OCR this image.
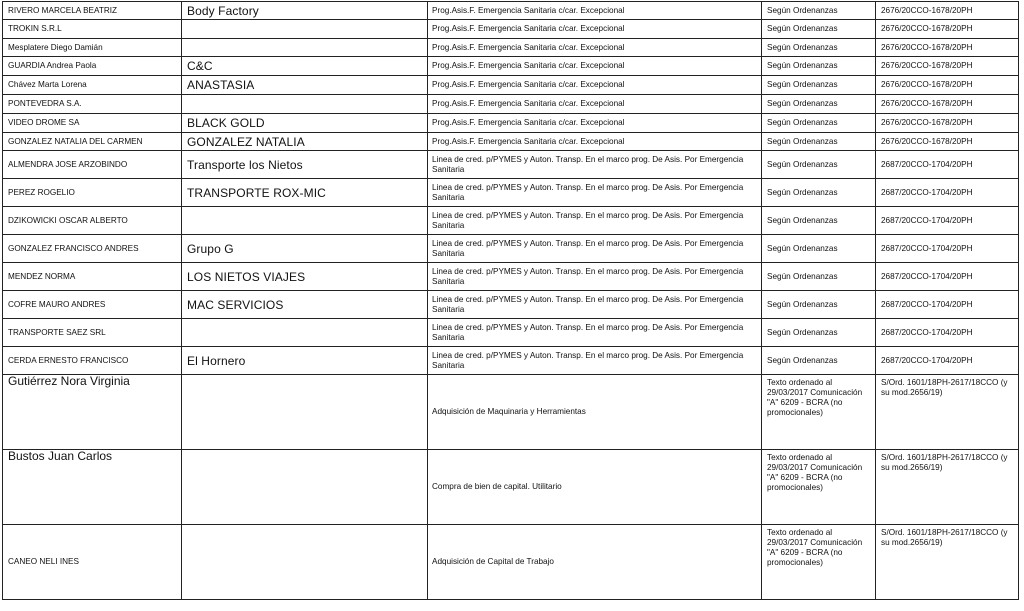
RIVERO MARCELA BEATRIZ	Body Factory	Prog.Asis.F. Emergencia Sanitaria c/car. Excepcional	Según Ordenanzas	2676/20CCO-1678/20PH
TROKIN S.R.L		Prog.Asis.F. Emergencia Sanitaria c/car. Excepcional	Según Ordenanzas	2676/20CCO-1678/20PH
Mesplatere Diego Damián		Prog.Asis.F. Emergencia Sanitaria c/car. Excepcional	Según Ordenanzas	2676/20CCO-1678/20PH
GUARDIA Andrea Paola	C&C	Prog.Asis.F. Emergencia Sanitaria c/car. Excepcional	Según Ordenanzas	2676/20CCO-1678/20PH
Chávez Marta Lorena	ANASTASIA	Prog.Asis.F. Emergencia Sanitaria c/car. Excepcional	Según Ordenanzas	2676/20CCO-1678/20PH
PONTEVEDRA S.A.		Prog.Asis.F. Emergencia Sanitaria c/car. Excepcional	Según Ordenanzas	2676/20CCO-1678/20PH
VIDEO DROME SA	BLACK GOLD	Prog.Asis.F. Emergencia Sanitaria c/car. Excepcional	Según Ordenanzas	2676/20CCO-1678/20PH
GONZALEZ NATALIA DEL CARMEN	GONZALEZ NATALIA	Prog.Asis.F. Emergencia Sanitaria c/car. Excepcional	Según Ordenanzas	2676/20CCO-1678/20PH
ALMENDRA JOSE ARZOBINDO	Transporte los Nietos	Linea de cred. p/PYMES y Auton. Transp. En el marco prog. De Asis. Por Emergencia Sanitaria	Según Ordenanzas	2687/20CCO-1704/20PH
PEREZ ROGELIO	TRANSPORTE ROX-MIC	Linea de cred. p/PYMES y Auton. Transp. En el marco prog. De Asis. Por Emergencia Sanitaria	Según Ordenanzas	2687/20CCO-1704/20PH
DZIKOWICKI OSCAR ALBERTO		Linea de cred. p/PYMES y Auton. Transp. En el marco prog. De Asis. Por Emergencia Sanitaria	Según Ordenanzas	2687/20CCO-1704/20PH
GONZALEZ FRANCISCO ANDRES	Grupo G	Linea de cred. p/PYMES y Auton. Transp. En el marco prog. De Asis. Por Emergencia Sanitaria	Según Ordenanzas	2687/20CCO-1704/20PH
MENDEZ NORMA	LOS NIETOS VIAJES	Linea de cred. p/PYMES y Auton. Transp. En el marco prog. De Asis. Por Emergencia Sanitaria	Según Ordenanzas	2687/20CCO-1704/20PH
COFRE MAURO ANDRES	MAC SERVICIOS	Linea de cred. p/PYMES y Auton. Transp. En el marco prog. De Asis. Por Emergencia Sanitaria	Según Ordenanzas	2687/20CCO-1704/20PH
TRANSPORTE SAEZ SRL		Linea de cred. p/PYMES y Auton. Transp. En el marco prog. De Asis. Por Emergencia Sanitaria	Según Ordenanzas	2687/20CCO-1704/20PH
CERDA ERNESTO FRANCISCO	El Hornero	Linea de cred. p/PYMES y Auton. Transp. En el marco prog. De Asis. Por Emergencia Sanitaria	Según Ordenanzas	2687/20CCO-1704/20PH
Gutiérrez Nora Virginia		Adquisición de Maquinaria y Herramientas	Texto ordenado al 29/03/2017 Comunicación "A" 6209 - BCRA (no promocionales)	S/Ord. 1601/18PH-2617/18CCO (y su mod.2656/19)
Bustos Juan Carlos		Compra de bien de capital. Utilitario	Texto ordenado al 29/03/2017 Comunicación "A" 6209 - BCRA (no promocionales)	S/Ord. 1601/18PH-2617/18CCO (y su mod.2656/19)
CANEO NELI INES		Adquisición de Capital de Trabajo	Texto ordenado al 29/03/2017 Comunicación "A" 6209 - BCRA (no promocionales)	S/Ord. 1601/18PH-2617/18CCO (y su mod.2656/19)
